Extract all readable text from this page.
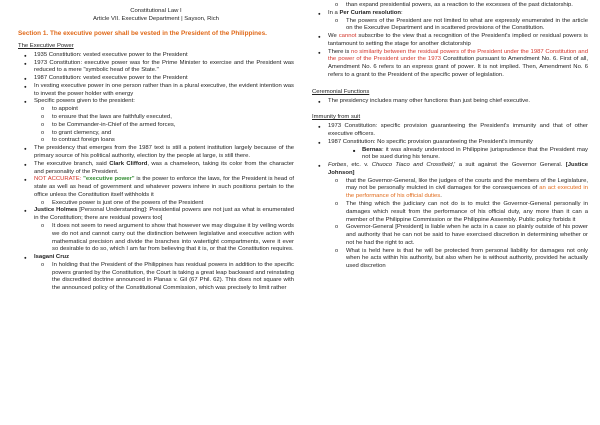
Constitutional Law I

Article VII. Executive Department | Sayson, Rich

Section 1. The executive power shall be vested in the President of the Philippines.

The Executive Power

● 1935 Constitution: vested executive power to the President
● 1973 Constitution: executive power was for the Prime Minister to exercise and the President was reduced to a mere "symbolic head of the State."
● 1987 Constitution: vested executive power to the President
● In vesting executive power in one person rather than in a plural executive, the evident intention was to invest the power holder with energy
● Specific powers given to the president:
o to appoint
o to ensure that the laws are faithfully executed,
o to be Commander-in-Chief of the armed forces,
o to grant clemency, and
o to contract foreign loans
● The presidency that emerges from the 1987 text is still a potent institution largely because of the primary source of his political authority, election by the people at large, is still there.
● The executive branch, said Clark Clifford, was a chameleon, taking its color from the character and personality of the President.
● NOT ACCURATE: "executive power" is the power to enforce the laws, for the President is head of state as well as head of government and whatever powers inhere in such positions pertain to the office unless the Constitution itself withholds it
o Executive power is just one of the powers of the President
● Justice Holmes [Personal Understanding]: Presidential powers are not just as what is enumerated in the Constitution; there are residual powers too]
o It does not seem to need argument to show that however we may disguise it by veiling words we do not and cannot carry out the distinction between legislative and executive action with mathematical precision and divide the branches into watertight compartments, were it ever so desirable to do so, which I am far from believing that it is, or that the Constitution requires.
● Isagani Cruz
o In holding that the President of the Philippines has residual powers in addition to the specific powers granted by the Constitution, the Court is taking a great leap backward and reinstating the discredited doctrine announced in Planas v. Gil (67 Phil. 62). This does not square with the announced policy of the Constitutional Commission, which was precisely to limit rather
o than expand presidential powers, as a reaction to the excesses of the past dictatorship.
● In a Per Curiam resolution:
o The powers of the President are not limited to what are expressly enumerated in the article on the Executive Department and in scattered provisions of the Constitution.
● We cannot subscribe to the view that a recognition of the President's implied or residual powers is tantamount to setting the stage for another dictatorship
● There is no similarity between the residual powers of the President under the 1987 Constitution and the power of the President under the 1973 Constitution pursuant to Amendment No. 6. First of all, Amendment No. 6 refers to an express grant of power. It is not implied. Then, Amendment No. 6 refers to a grant to the President of the specific power of legislation.

Ceremonial Functions

● The presidency includes many other functions than just being chief executive.

Immunity from suit

● 1973 Constitution: specific provision guaranteeing the President's immunity and that of other executive officers.
● 1987 Constitution: No specific provision guaranteeing the President's immunity
■ Bernas: it was already understood in Philippine jurisprudence that the President may not be sued during his tenure.
● Forbes, etc. v. Chuoco Tiaco and Crossfield,' a suit against the Governor General. [Justice Johnson]
o that the Governor-General, like the judges of the courts and the members of the Legislature, may not be personally mulcted in civil damages for the consequences of an act executed in the performance of his official duties.
o The thing which the judiciary can not do is to mulct the Governor-General personally in damages which result from the performance of his official duty, any more than it can a member of the Philippine Commission or the Philippine Assembly. Public policy forbids it
o Governor-General [President] is liable when he acts in a case so plainly outside of his power and authority that he can not be said to have exercised discretion in determining whether or not he had the right to act.
o What is held here is that he will be protected from personal liability for damages not only when he acts within his authority, but also when he is without authority, provided he actually used discretion
